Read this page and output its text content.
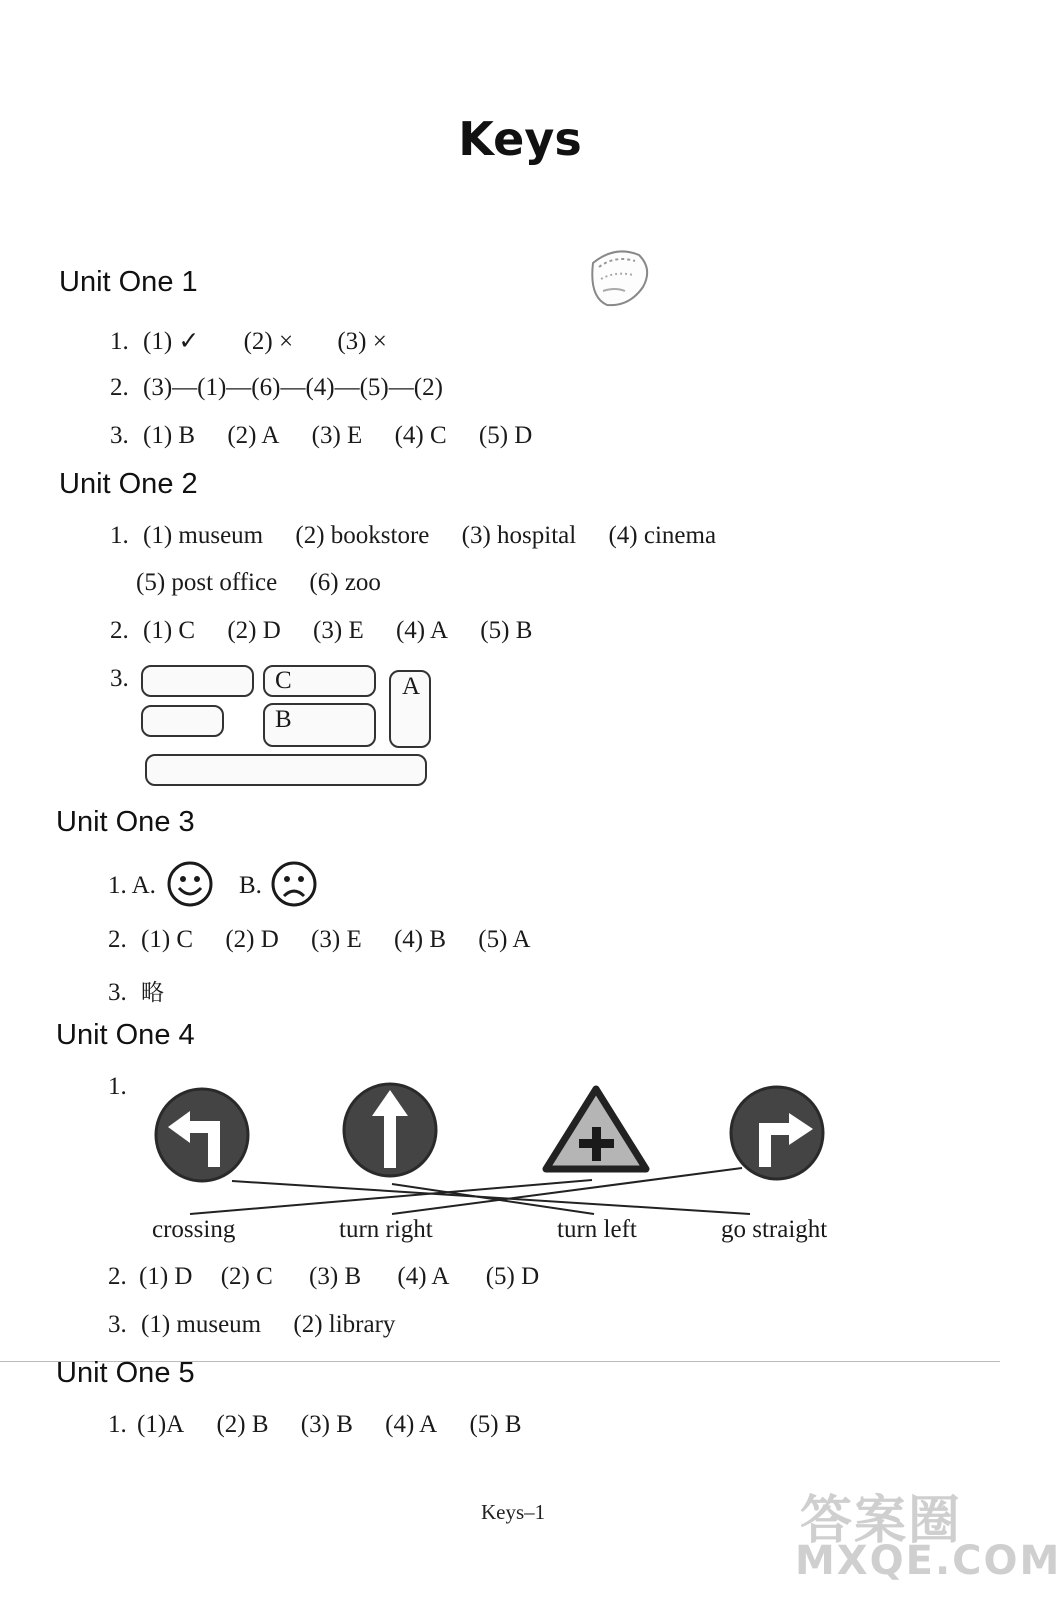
Keys
Unit One 1
1. (1) ✓ (2) × (3) ×
2. (3)—(1)—(6)—(4)—(5)—(2)
3. (1) B (2) A (3) E (4) C (5) D
Unit One 2
1. (1) museum (2) bookstore (3) hospital (4) cinema
(5) post office (6) zoo
2. (1) C (2) D (3) E (4) A (5) B
3.	C	A
B
Unit One 3
1. A.	B.
2. (1) C (2) D (3) E (4) B (5) A
3. 略
Unit One 4
1.
crossing	turn right	turn left	go straight
2. (1) D (2) C (3) B (4) A (5) D
3. (1) museum (2) library
Unit One 5
1. (1)A (2) B (3) B (4) A (5) B
Keys–1	答案圈
MXQE.COM
